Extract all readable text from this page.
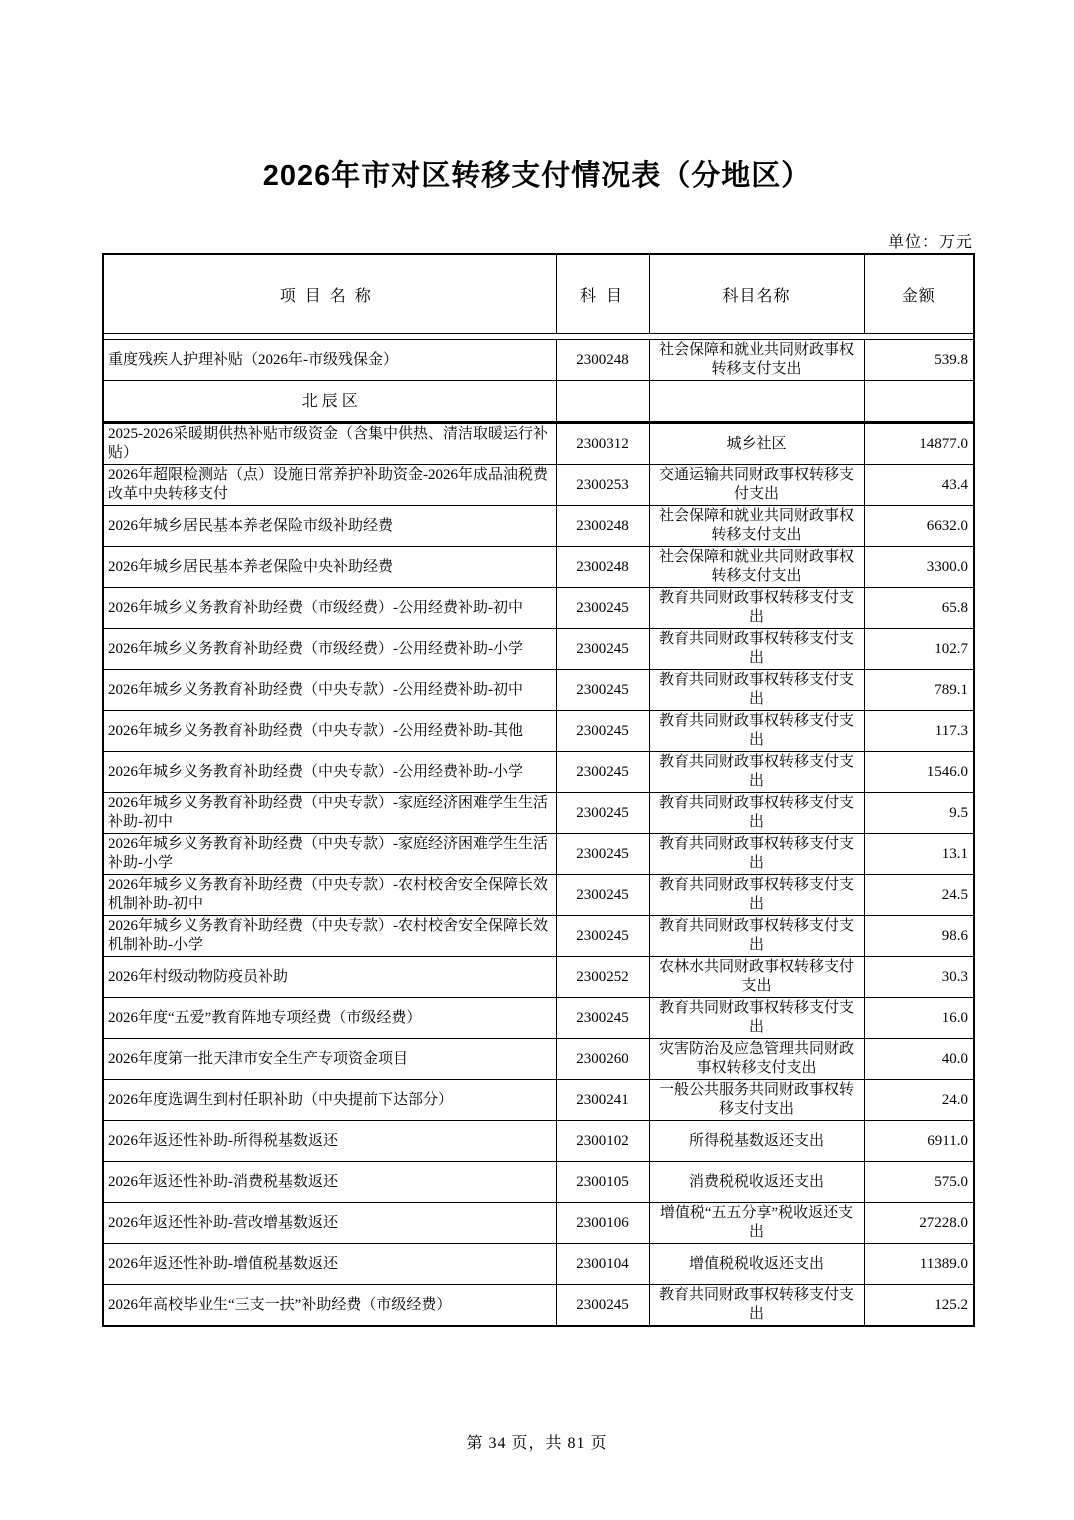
2026年市对区转移支付情况表（分地区）
单位：万元
项目名称	科 目	科目名称	金额

重度残疾人护理补贴（2026年-市级残保金）	2300248	社会保障和就业共同财政事权转移支付支出	539.8
北 辰 区			
2025-2026采暖期供热补贴市级资金（含集中供热、清洁取暖运行补贴）	2300312	城乡社区	14877.0
2026年超限检测站（点）设施日常养护补助资金-2026年成品油税费改革中央转移支付	2300253	交通运输共同财政事权转移支付支出	43.4
2026年城乡居民基本养老保险市级补助经费	2300248	社会保障和就业共同财政事权转移支付支出	6632.0
2026年城乡居民基本养老保险中央补助经费	2300248	社会保障和就业共同财政事权转移支付支出	3300.0
2026年城乡义务教育补助经费（市级经费）-公用经费补助-初中	2300245	教育共同财政事权转移支付支出	65.8
2026年城乡义务教育补助经费（市级经费）-公用经费补助-小学	2300245	教育共同财政事权转移支付支出	102.7
2026年城乡义务教育补助经费（中央专款）-公用经费补助-初中	2300245	教育共同财政事权转移支付支出	789.1
2026年城乡义务教育补助经费（中央专款）-公用经费补助-其他	2300245	教育共同财政事权转移支付支出	117.3
2026年城乡义务教育补助经费（中央专款）-公用经费补助-小学	2300245	教育共同财政事权转移支付支出	1546.0
2026年城乡义务教育补助经费（中央专款）-家庭经济困难学生生活补助-初中	2300245	教育共同财政事权转移支付支出	9.5
2026年城乡义务教育补助经费（中央专款）-家庭经济困难学生生活补助-小学	2300245	教育共同财政事权转移支付支出	13.1
2026年城乡义务教育补助经费（中央专款）-农村校舍安全保障长效机制补助-初中	2300245	教育共同财政事权转移支付支出	24.5
2026年城乡义务教育补助经费（中央专款）-农村校舍安全保障长效机制补助-小学	2300245	教育共同财政事权转移支付支出	98.6
2026年村级动物防疫员补助	2300252	农林水共同财政事权转移支付支出	30.3
2026年度“五爱”教育阵地专项经费（市级经费）	2300245	教育共同财政事权转移支付支出	16.0
2026年度第一批天津市安全生产专项资金项目	2300260	灾害防治及应急管理共同财政事权转移支付支出	40.0
2026年度选调生到村任职补助（中央提前下达部分）	2300241	一般公共服务共同财政事权转移支付支出	24.0
2026年返还性补助-所得税基数返还	2300102	所得税基数返还支出	6911.0
2026年返还性补助-消费税基数返还	2300105	消费税税收返还支出	575.0
2026年返还性补助-营改增基数返还	2300106	增值税“五五分享”税收返还支出	27228.0
2026年返还性补助-增值税基数返还	2300104	增值税税收返还支出	11389.0
2026年高校毕业生“三支一扶”补助经费（市级经费）	2300245	教育共同财政事权转移支付支出	125.2
第 34 页，共 81 页
